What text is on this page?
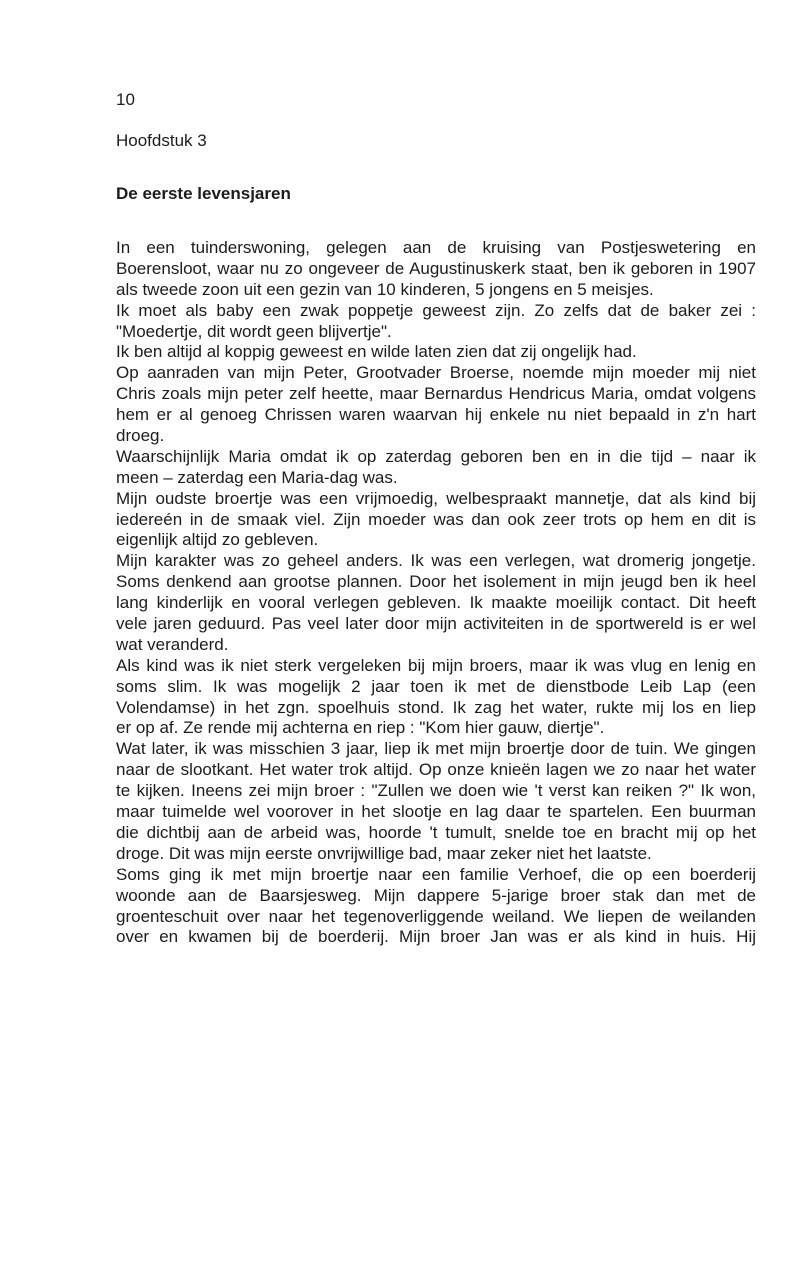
10
Hoofdstuk 3
De eerste levensjaren
In een tuinderswoning, gelegen aan de kruising van Postjeswetering en
Boerensloot, waar nu zo ongeveer de Augustinuskerk staat, ben ik geboren in 1907
als tweede zoon uit een gezin van 10 kinderen, 5 jongens en 5 meisjes.
Ik moet als baby een zwak poppetje geweest zijn. Zo zelfs dat de baker zei :
"Moedertje, dit wordt geen blijvertje".
Ik ben altijd al koppig geweest en wilde laten zien dat zij ongelijk had.
Op aanraden van mijn Peter, Grootvader Broerse, noemde mijn moeder mij niet
Chris zoals mijn peter zelf heette, maar Bernardus Hendricus Maria, omdat volgens
hem er al genoeg Chrissen waren waarvan hij enkele nu niet bepaald in z'n hart
droeg.
Waarschijnlijk Maria omdat ik op zaterdag geboren ben en in die tijd – naar ik
meen – zaterdag een Maria-dag was.
Mijn oudste broertje was een vrijmoedig, welbespraakt mannetje, dat als kind bij
iedereén in de smaak viel. Zijn moeder was dan ook zeer trots op hem en dit is
eigenlijk altijd zo gebleven.
Mijn karakter was zo geheel anders. Ik was een verlegen, wat dromerig jongetje.
Soms denkend aan grootse plannen. Door het isolement in mijn jeugd ben ik heel
lang kinderlijk en vooral verlegen gebleven. Ik maakte moeilijk contact. Dit heeft
vele jaren geduurd. Pas veel later door mijn activiteiten in de sportwereld is er wel
wat veranderd.
Als kind was ik niet sterk vergeleken bij mijn broers, maar ik was vlug en lenig en
soms slim. Ik was mogelijk 2 jaar toen ik met de dienstbode Leib Lap (een
Volendamse) in het zgn. spoelhuis stond. Ik zag het water, rukte mij los en liep
er op af. Ze rende mij achterna en riep : "Kom hier gauw, diertje".
Wat later, ik was misschien 3 jaar, liep ik met mijn broertje door de tuin. We gingen
naar de slootkant. Het water trok altijd. Op onze knieën lagen we zo naar het water
te kijken. Ineens zei mijn broer : "Zullen we doen wie 't verst kan reiken ?" Ik won,
maar tuimelde wel voorover in het slootje en lag daar te spartelen. Een buurman
die dichtbij aan de arbeid was, hoorde 't tumult, snelde toe en bracht mij op het
droge. Dit was mijn eerste onvrijwillige bad, maar zeker niet het laatste.
Soms ging ik met mijn broertje naar een familie Verhoef, die op een boerderij
woonde aan de Baarsjesweg. Mijn dappere 5-jarige broer stak dan met de
groenteschuit over naar het tegenoverliggende weiland. We liepen de weilanden
over en kwamen bij de boerderij. Mijn broer Jan was er als kind in huis. Hij
